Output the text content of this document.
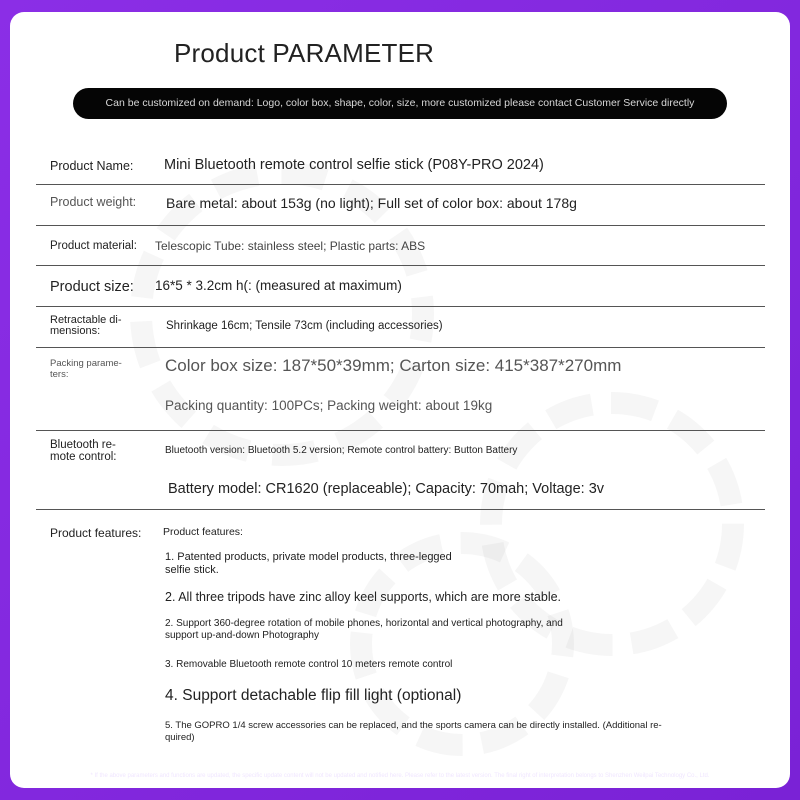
Product PARAMETER
Can be customized on demand: Logo, color box, shape, color, size, more customized please contact Customer Service directly
Product Name: Mini Bluetooth remote control selfie stick (P08Y-PRO 2024)
Product weight: Bare metal: about 153g (no light); Full set of color box: about 178g
Product material: Telescopic Tube: stainless steel; Plastic parts: ABS
Product size: 16*5 * 3.2cm h(: (measured at maximum)
Retractable di-
mensions:	Shrinkage 16cm; Tensile 73cm (including accessories)
Packing parame-
ters:	Color box size: 187*50*39mm; Carton size: 415*387*270mm
Packing quantity: 100PCs; Packing weight: about 19kg
Bluetooth re-
mote control:
Bluetooth version: Bluetooth 5.2 version; Remote control battery: Button Battery
Battery model: CR1620 (replaceable); Capacity: 70mah; Voltage: 3v
Product features: Product features:
1. Patented products, private model products, three-legged
selfie stick.
2. All three tripods have zinc alloy keel supports, which are more stable.
2. Support 360-degree rotation of mobile phones, horizontal and vertical photography, and
support up-and-down Photography
3. Removable Bluetooth remote control 10 meters remote control
4. Support detachable flip fill light (optional)
5. The GOPRO 1/4 screw accessories can be replaced, and the sports camera can be directly installed. (Additional re-
quired)
* If the above parameters and functions are updated, the specific update content will not be updated and notified here. Please refer to the latest version. The final right of interpretation belongs to Shenzhen Weilpai Technology Co., Ltd.
